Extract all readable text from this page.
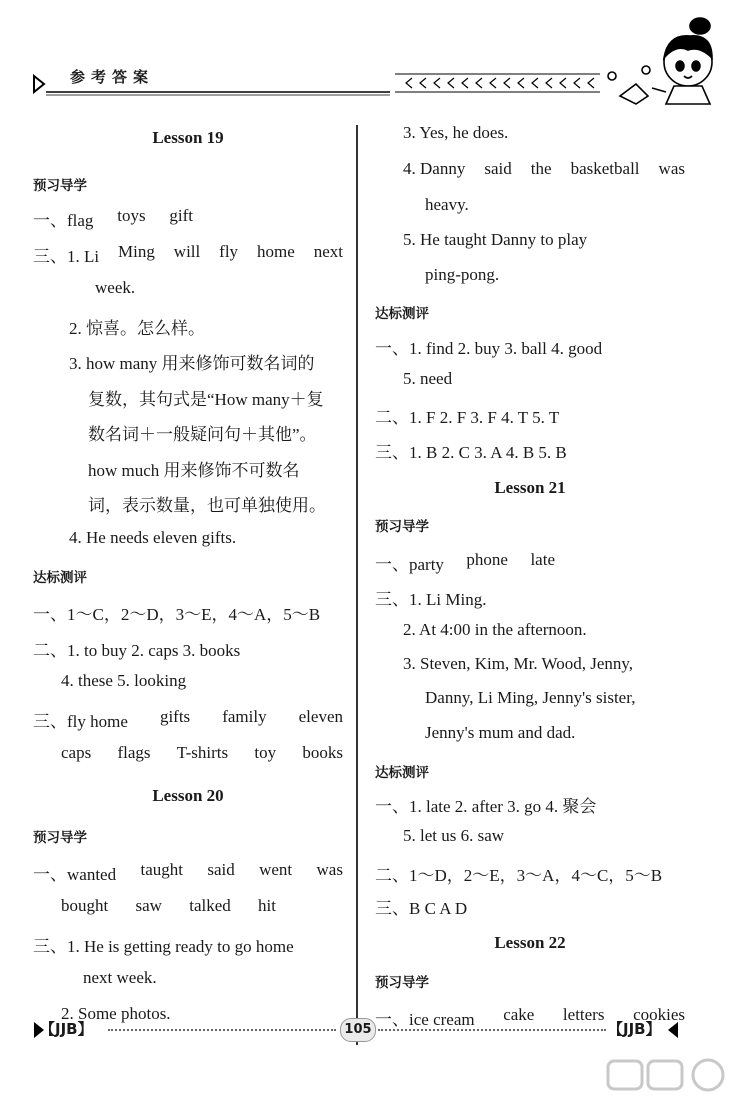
参考答案
Lesson 19
预习导学
一、flag toys gift
三、1. Li Ming will fly home next
week.
2. 惊喜。怎么样。
3. how many 用来修饰可数名词的
复数，其句式是“How many＋复
数名词＋一般疑问句＋其他”。
how much 用来修饰不可数名
词，表示数量，也可单独使用。
4. He needs eleven gifts.
达标测评
一、1～C，2～D，3～E，4～A，5～B
二、1. to buy 2. caps 3. books
4. these 5. looking
三、fly home gifts family eleven
caps flags T-shirts toy books
Lesson 20
预习导学
一、wanted taught said went was
bought saw talked hit
三、1. He is getting ready to go home
next week.
2. Some photos.
3. Yes, he does.
4. Danny said the basketball was
heavy.
5. He taught Danny to play
ping-pong.
达标测评
一、1. find 2. buy 3. ball 4. good
5. need
二、1. F 2. F 3. F 4. T 5. T
三、1. B 2. C 3. A 4. B 5. B
Lesson 21
预习导学
一、party phone late
三、1. Li Ming.
2. At 4:00 in the afternoon.
3. Steven, Kim, Mr. Wood, Jenny,
Danny, Li Ming, Jenny's sister,
Jenny's mum and dad.
达标测评
一、1. late 2. after 3. go 4. 聚会
5. let us 6. saw
二、1～D，2～E，3～A，4～C，5～B
三、B C A D
Lesson 22
预习导学
一、ice cream cake letters cookies
【JJB】	105	【JJB】
